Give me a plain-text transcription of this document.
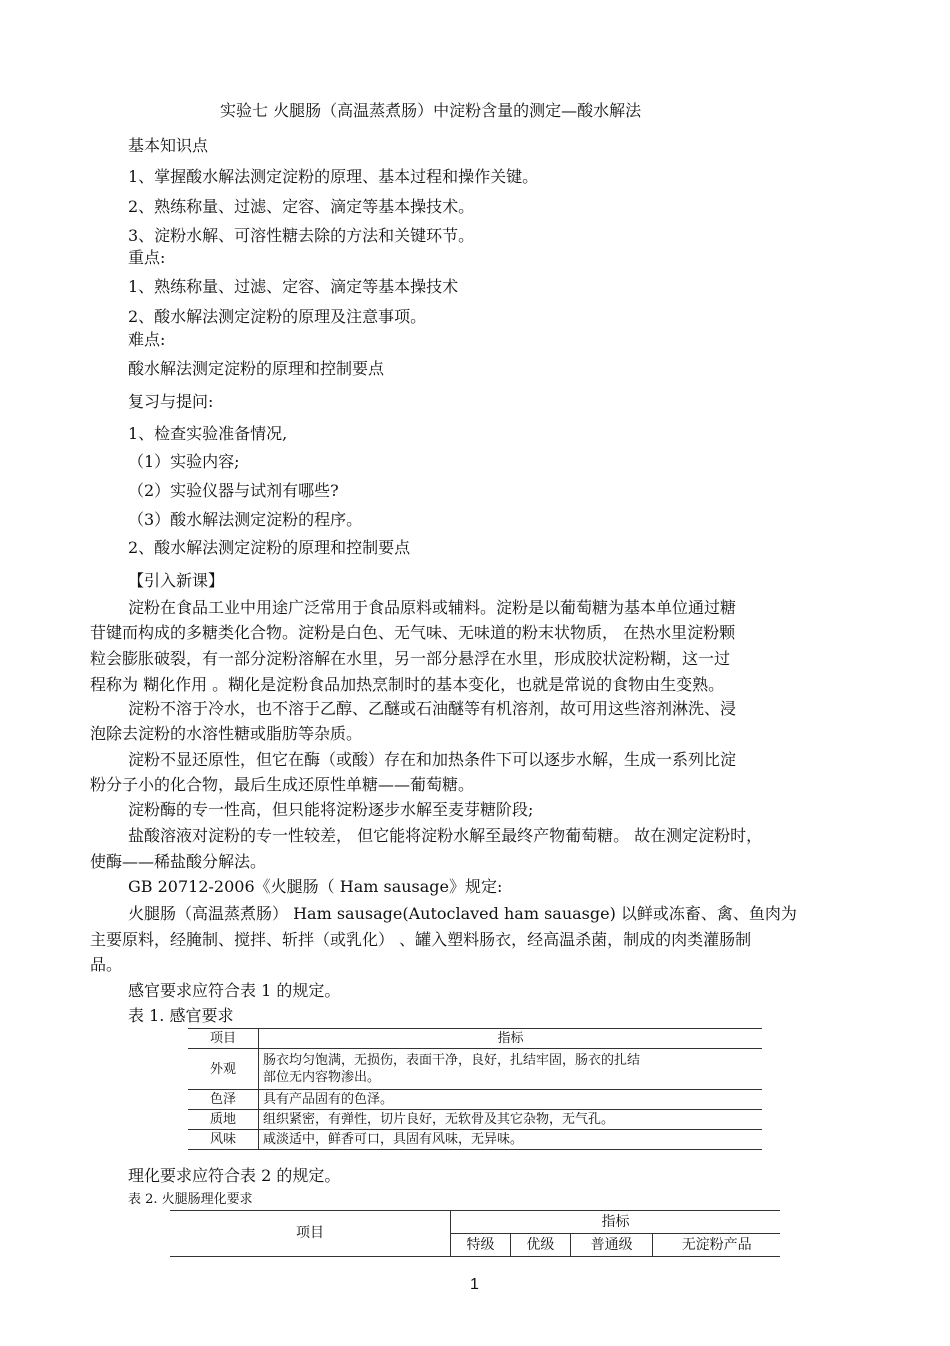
实验七 火腿肠（高温蒸煮肠）中淀粉含量的测定—酸水解法
基本知识点
1、掌握酸水解法测定淀粉的原理、基本过程和操作关键。
2、熟练称量、过滤、定容、滴定等基本操技术。
3、淀粉水解、可溶性糖去除的方法和关键环节。
重点:
1、熟练称量、过滤、定容、滴定等基本操技术
2、酸水解法测定淀粉的原理及注意事项。
难点:
酸水解法测定淀粉的原理和控制要点
复习与提问:
1、检查实验准备情况,
（1）实验内容;
（2）实验仪器与试剂有哪些?
（3）酸水解法测定淀粉的程序。
2、酸水解法测定淀粉的原理和控制要点
【引入新课】
淀粉在食品工业中用途广泛常用于食品原料或辅料。淀粉是以葡萄糖为基本单位通过糖
苷键而构成的多糖类化合物。淀粉是白色、无气味、无味道的粉末状物质， 在热水里淀粉颗
粒会膨胀破裂，有一部分淀粉溶解在水里，另一部分悬浮在水里，形成胶状淀粉糊，这一过
程称为 糊化作用 。糊化是淀粉食品加热烹制时的基本变化，也就是常说的食物由生变熟。
淀粉不溶于冷水，也不溶于乙醇、乙醚或石油醚等有机溶剂，故可用这些溶剂淋洗、浸
泡除去淀粉的水溶性糖或脂肪等杂质。
淀粉不显还原性，但它在酶（或酸）存在和加热条件下可以逐步水解，生成一系列比淀
粉分子小的化合物，最后生成还原性单糖——葡萄糖。
淀粉酶的专一性高，但只能将淀粉逐步水解至麦芽糖阶段;
盐酸溶液对淀粉的专一性较差， 但它能将淀粉水解至最终产物葡萄糖。 故在测定淀粉时，
使酶——稀盐酸分解法。
GB 20712-2006《火腿肠（ Ham sausage》规定:
火腿肠（高温蒸煮肠） Ham sausage(Autoclaved ham sauasge) 以鲜或冻畜、禽、鱼肉为
主要原料，经腌制、搅拌、斩拌（或乳化） 、罐入塑料肠衣，经高温杀菌，制成的肉类灌肠制
品。
感官要求应符合表 1 的规定。
表 1. 感官要求
项目	指标
外观	肠衣均匀饱满，无损伤，表面干净，良好，扎结牢固，肠衣的扎结
部位无内容物渗出。

色泽	具有产品固有的色泽。
质地	组织紧密，有弹性，切片良好，无软骨及其它杂物，无气孔。
风味	咸淡适中，鲜香可口，具固有风味，无异味。
理化要求应符合表 2 的规定。
表 2. 火腿肠理化要求
项目	指标			
	特级	优级	普通级	无淀粉产品
1
